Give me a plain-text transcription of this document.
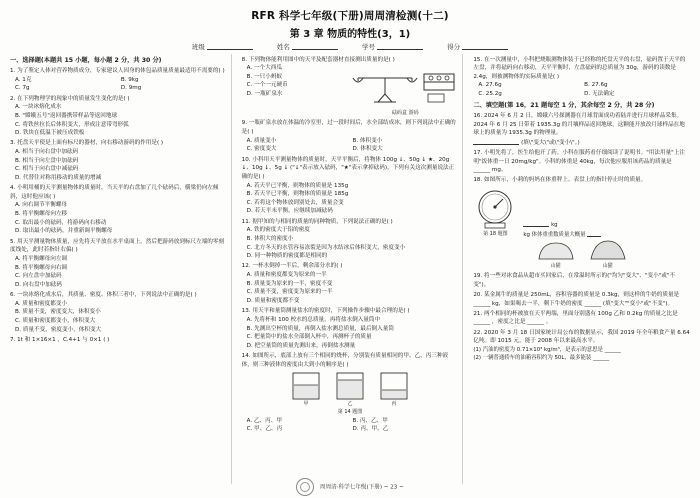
RFR 科学七年级(下册)周周清检测(十二)
第 3 章 物质的特性(3，1)
班级	姓名	学号	得分
一、选择题(本题共 15 小题，每小题 2 分，共 30 分)
1. 为了鉴定人体对营养物质成分，专家建议人因身的体包品质量质量最适用不需要的( )
A. 1克	B. 9kg
C. 7g	D. 9mg
2. 在下列物理学的现象中的质量发生变化的是( )
A. 一块冰熔化成水
B. "嫦娥五号"返回器携带样品等返回地球
C. 将铁丝拉长后体积变大，形成注意带弯形弧
D. 铁块在低温下被压成铁板
3. 托盘天平使是上面有标尺的器材，向右移动游码的作用是( )
A. 相当于向右盘中加砝码
B. 相当于向左盘中加砝码
C. 相当于向右盘中减砝码
D. 代替往对称用移动的质量的增减
4. 小明用桶的天平测量物体的质量时，当天平的右盘加了几个砝码后，横梁仍向左倾斜，这时他应该( )
A. 向右调节平衡螺母
B. 将平衡螺母向左移
C. 取出最小的砝码，将游码向右移动
D. 取出最小的砝码，并重新调平衡螺母
5. 用天平测量物体质量，应先将天平放在水平桌面上，然后把游码放到标尺左端的零刻度线处，此时若指针右偏( )
A. 将平衡螺母向左调
B. 将平衡螺母向右调
C. 向左盘中加砝码
D. 向右盘中加砝码
6. 一块冰熔化成水后，其质量、密度、体积三者中，下列说法中正确的是( )
A. 质量和密度都变小
B. 质量不变，密度变大，体积变小
C. 质量和密度都变小，体积变大
D. 质量不变，密度变小，体积变大
7. 1t 和 1×16×1 ，C.4+1 与 0×1 ( )
8. 下列物体能利用图中的天平及配套器材直接测出质量的是( )
A. 一个大西瓜
B. 一只小蚂蚁
C. 一个一元硬币
D. 一瓶矿泉水
砝码盒 游码
9. 一瓶矿泉水放在体温的冷室里，过一段时间后，水全部结成冰，则下列说法中正确的是( )
A. 质量变小	B. 体积变小
C. 密度变大	D. 体积变大
10. 小科用天平测量物体的质量时，天平平衡后，将物体 100g ↓、50g ↓ ★、20g ↓、10g ↓、5g ↓ ("↓"表示放入砝码，"★"表示拿掉砝码)，下列有关这次测量说法正确的是( )
A. 若天平已平衡，则物体的质量是 135g
B. 若天平已平衡，则物体的质量是 185g
C. 若将这个物体放到别处去，质量会变
D. 若天平未平衡，应继续加减砝码
11. 据甲知的与相同的质量的同种物质，下列说法正确的是( )
A. 铁的密度大于铝的密度
B. 体积大的密度小
C. 北方冬天的水管容易冻裂是因为水结冰后体积变大，密度变小
D. 同一种物质的密度都是相同的
12. 一杯水倒掉一半后，剩余部分水的( )
A. 质量和密度都变为原来的一半
B. 质量变为原来的一半，密度不变
C. 质量不变，密度变为原来的一半
D. 质量和密度都不变
13. 用天平和量筒测量盐水的密度时，下列操作步骤中最合理的是( )
A. 先将杯和 100 校水的总质量，再将盐水倒入量筒中
B. 先测出空杯的质量，再倒入盐水测总质量，最后倒入量筒
C. 把量筒中的盐水全部倒入杯中，再测杯子的质量
D. 把空量筒的质量先测出来，再倒盐水测量
14. 如图所示，底部上放有三个相同的烧杯，分别装有质量相同的甲、乙、丙三种液体，则三种液体的密度由大到小的顺序是( )
甲	乙	丙
第 14 题图
A. 乙、丙、甲	B. 丙、乙、甲
C. 甲、乙、丙	D. 丙、甲、乙
15. 在一次测量中，小科把烧瓶测物体装于已经称的托盘天平的右盘，砝码置于天平的左盘，并将砝码向右移动，天平平衡时，左盘砝码的总质量为 30g，游码的读数是 2.4g，则被测物体的实际质量是( )
A. 27.6g	B. 27.6g
C. 25.2g	D. 无法确定
二、填空题(第 16，21 题每空 1 分，其余每空 2 分，共 28 分)
16. 2024 年 6 月 2 日，嫦娥六号探测器在月球背面成功着陆并进行月球样品采集。2024 年 6 月 25 日带着 1935.3g 的月壤样品返回地球，这颗能开放改月球样品在地球上的质量为 1935.3g 的物理量。
(填\"变大\"或\"变小\"。)
17. 小明先将了，医生给他开了药。小科在服药看仔细阅读了说明书。"用法用量"上注明"饭体重一日 20mg/kg"。小科的体重是 40kg，每次他应服用该药品的质量是 ______ mg。
18. 如图所示，小莉的妈妈在体重秤上。表盘上的指针停止时的质量。
第 18 题图
kg
kg 体体重重数质量大概量
山猫	山猫
19. 将一些对冰食品从超市买回家后，在常温时所示的("均匀"变大"、"变小"或"不变")。
20. 某金属牛的质量是 250mL，容积容器的质量是 0.3kg，则这样的牛奶的质量是 ______ kg，如果喝去一半，剩下牛奶的密度 ______ (填"变大""变小"或"不变")。
21. 两个相同的杯被放在天平两端，里面分别盛有 100g 乙和 0.2kg 的质量之比是 ______ ，密度之比是 ______ 。
22. 2020 年 3 月 18 日国家统计局公布的数据显示，我国 2019 年全年粮食产量 6.64 亿吨。即 1015 元，能于 2008 年以来最高水平。
(1) 汽油的密度为 0.71×10³ kg/m³，是表示的意思是 ______
(2) 一辆普通轿车的油箱容积约为 50L，最多能装 ______
周周清·科学七年级(下册) ~ 23 ~
